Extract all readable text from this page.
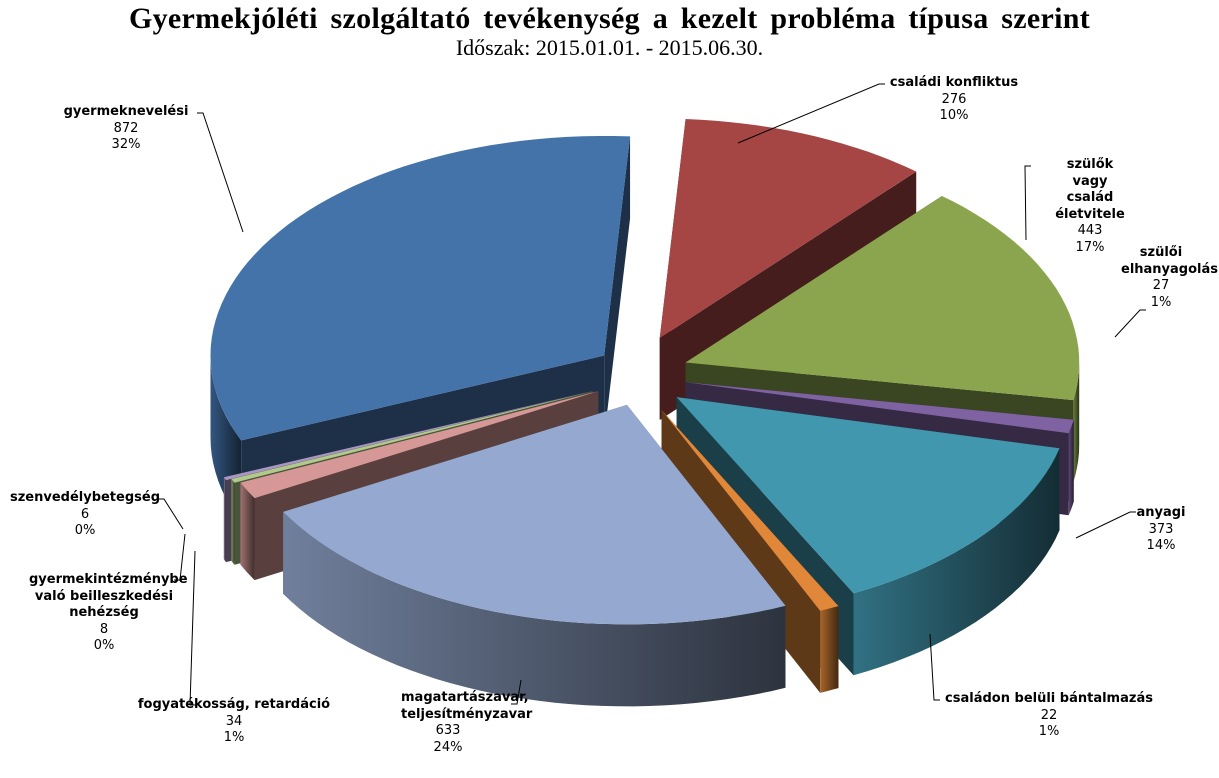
Gyermekjóléti szolgáltató tevékenység a kezelt probléma típusa szerint
Időszak: 2015.01.01. - 2015.06.30.
családi konfliktus
276
10%
szülők vagy család életvitele
443
17%	szülői elhanyagolás
27
1%
anyagi
373
14%
családon belüli bántalmazás
22
1%
magatartászavar, teljesítményzavar
633
24%
fogyatékosság, retardáció
34
1%
gyermekintézménybe való beilleszkedési nehézség
8
0%
szenvedélybetegség
6
0%
gyermeknevelési
872
32%
